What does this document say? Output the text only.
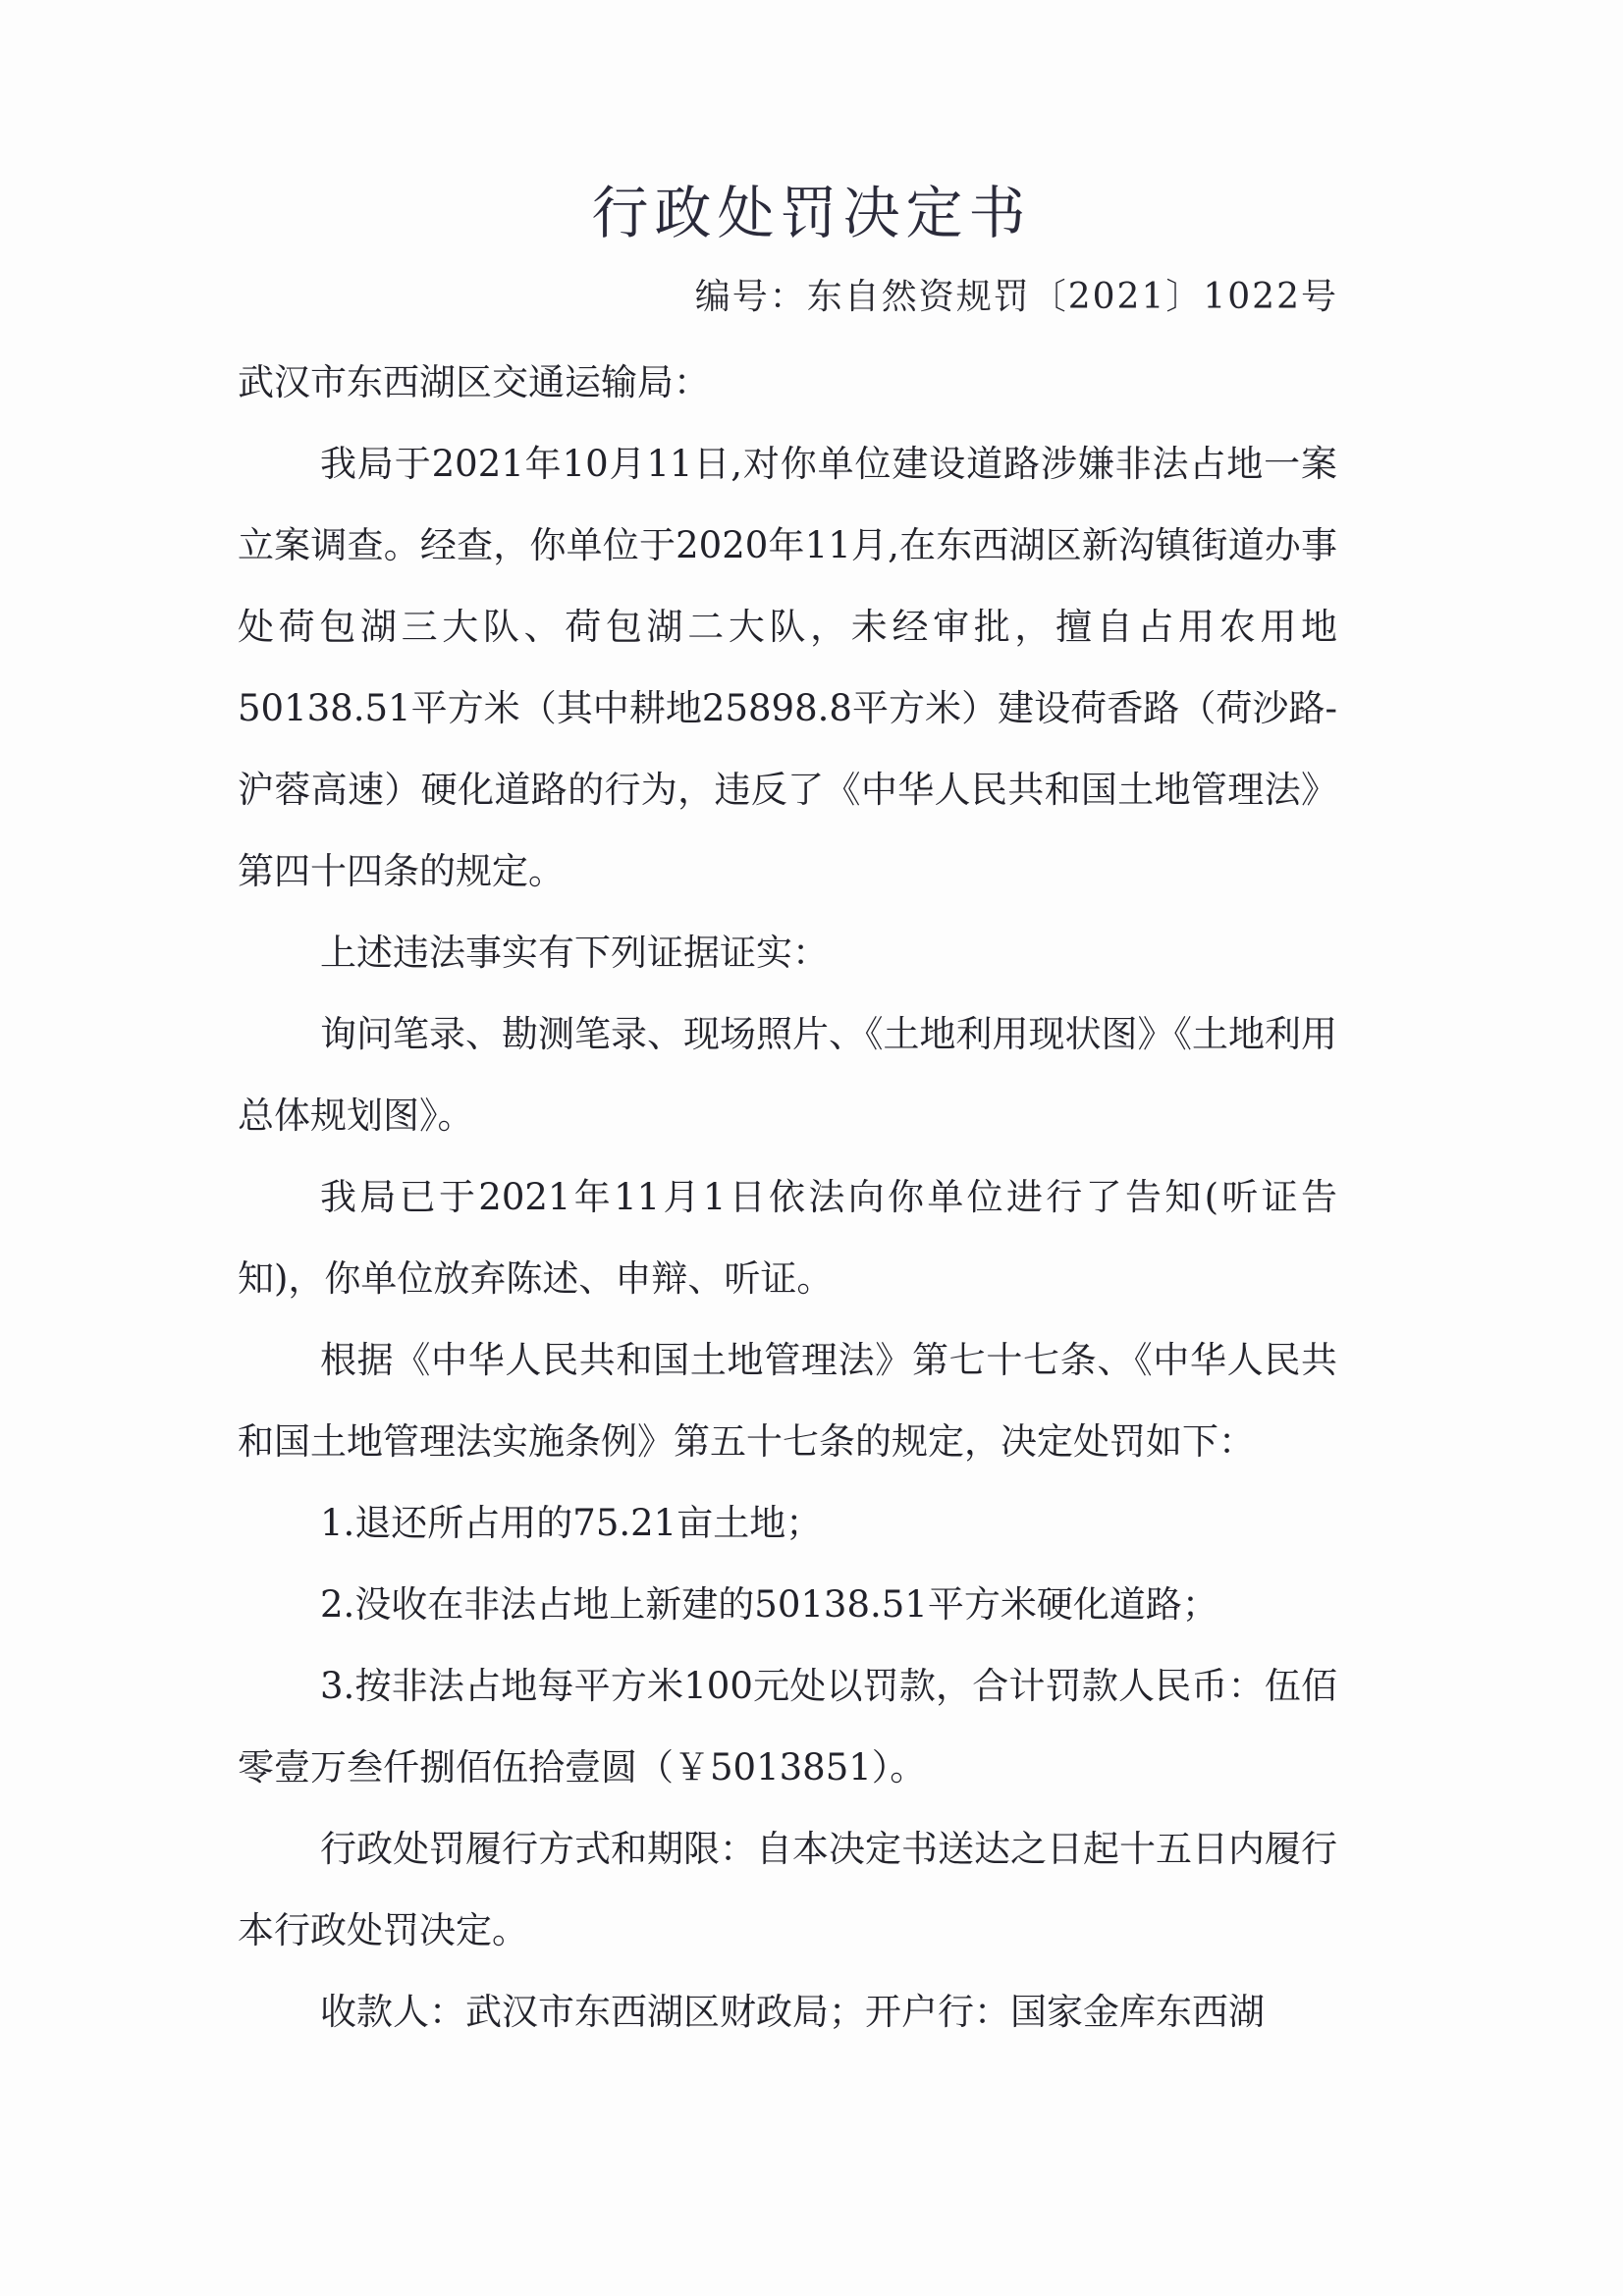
行政处罚决定书
编号：东自然资规罚〔2021〕1022号

武汉市东西湖区交通运输局：

我局于2021年10月11日,对你单位建设道路涉嫌非法占地一案立案调查。经查，你单位于2020年11月,在东西湖区新沟镇街道办事处荷包湖三大队、荷包湖二大队，未经审批，擅自占用农用地50138.51平方米（其中耕地25898.8平方米）建设荷香路（荷沙路-沪蓉高速）硬化道路的行为，违反了《中华人民共和国土地管理法》第四十四条的规定。

上述违法事实有下列证据证实：

询问笔录、勘测笔录、现场照片、《土地利用现状图》《土地利用总体规划图》。

我局已于2021年11月1日依法向你单位进行了告知(听证告知)，你单位放弃陈述、申辩、听证。

根据《中华人民共和国土地管理法》第七十七条、《中华人民共和国土地管理法实施条例》第五十七条的规定，决定处罚如下：

1.退还所占用的75.21亩土地；

2.没收在非法占地上新建的50138.51平方米硬化道路；

3.按非法占地每平方米100元处以罚款，合计罚款人民币：伍佰零壹万叁仟捌佰伍拾壹圆（￥5013851）。

行政处罚履行方式和期限：自本决定书送达之日起十五日内履行本行政处罚决定。

收款人：武汉市东西湖区财政局；开户行：国家金库东西湖
